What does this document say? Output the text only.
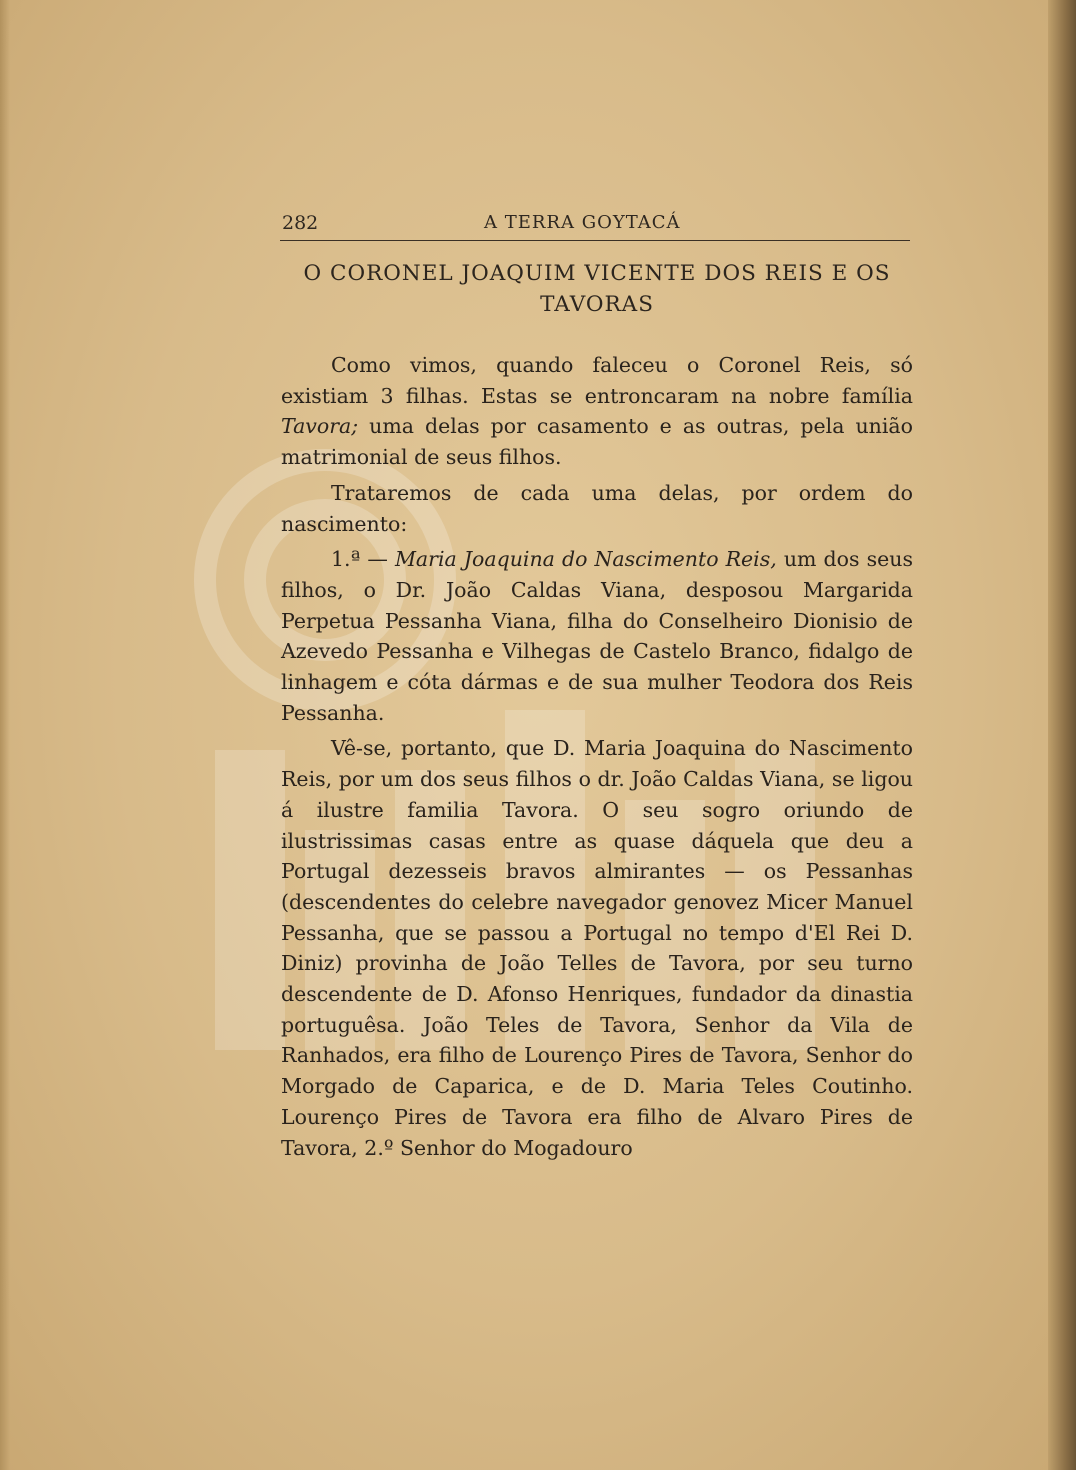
282	A TERRA GOYTACÁ
O CORONEL JOAQUIM VICENTE DOS REIS E OS TAVORAS

Como vimos, quando faleceu o Coronel Reis, só existiam 3 filhas. Estas se entroncaram na nobre família Tavora; uma delas por casamento e as outras, pela união matrimonial de seus filhos.

Trataremos de cada uma delas, por ordem do nascimento:

1.ª — Maria Joaquina do Nascimento Reis, um dos seus filhos, o Dr. João Caldas Viana, desposou Margarida Perpetua Pessanha Viana, filha do Conselheiro Dionisio de Azevedo Pessanha e Vilhegas de Castelo Branco, fidalgo de linhagem e cóta dármas e de sua mulher Teodora dos Reis Pessanha.

Vê-se, portanto, que D. Maria Joaquina do Nascimento Reis, por um dos seus filhos o dr. João Caldas Viana, se ligou á ilustre familia Tavora. O seu sogro oriundo de ilustrissimas casas entre as quase dáquela que deu a Portugal dezesseis bravos almirantes — os Pessanhas (descendentes do celebre navegador genovez Micer Manuel Pessanha, que se passou a Portugal no tempo d'El Rei D. Diniz) provinha de João Telles de Tavora, por seu turno descendente de D. Afonso Henriques, fundador da dinastia portuguêsa. João Teles de Tavora, Senhor da Vila de Ranhados, era filho de Lourenço Pires de Tavora, Senhor do Morgado de Caparica, e de D. Maria Teles Coutinho. Lourenço Pires de Tavora era filho de Alvaro Pires de Tavora, 2.º Senhor do Mogadouro
